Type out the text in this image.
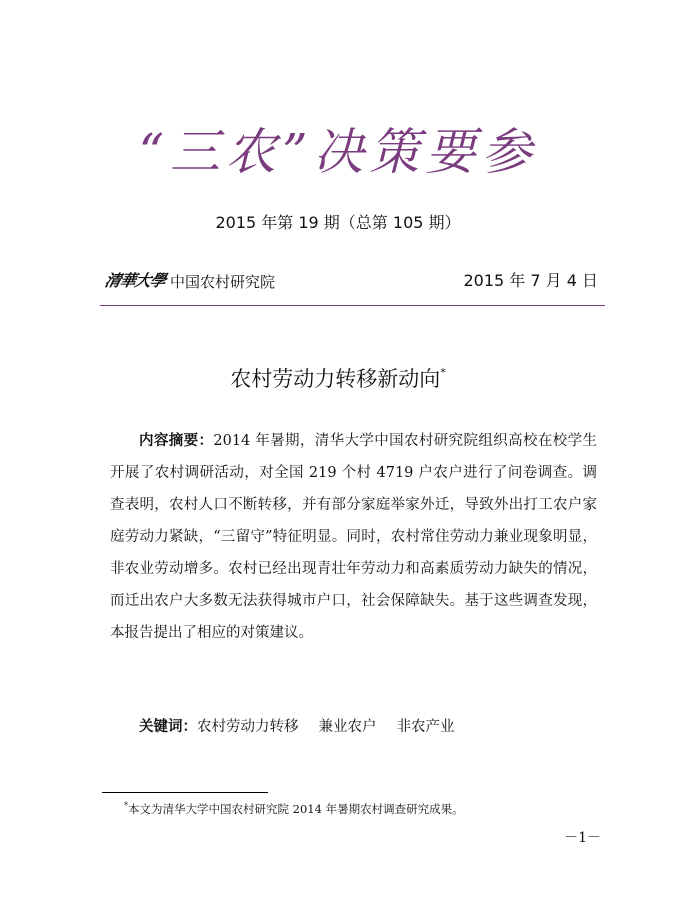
“三农”决策要参
2015 年第 19 期（总第 105 期）
清華大學 中国农村研究院	2015 年 7 月 4 日
农村劳动力转移新动向*
内容摘要：2014 年暑期，清华大学中国农村研究院组织高校在校学生开展了农村调研活动，对全国 219 个村 4719 户农户进行了问卷调查。调查表明，农村人口不断转移，并有部分家庭举家外迁，导致外出打工农户家庭劳动力紧缺，“三留守”特征明显。同时，农村常住劳动力兼业现象明显，非农业劳动增多。农村已经出现青壮年劳动力和高素质劳动力缺失的情况，而迁出农户大多数无法获得城市户口，社会保障缺失。基于这些调查发现，本报告提出了相应的对策建议。
关键词：农村劳动力转移 兼业农户 非农产业
*本文为清华大学中国农村研究院 2014 年暑期农村调查研究成果。
－1－
